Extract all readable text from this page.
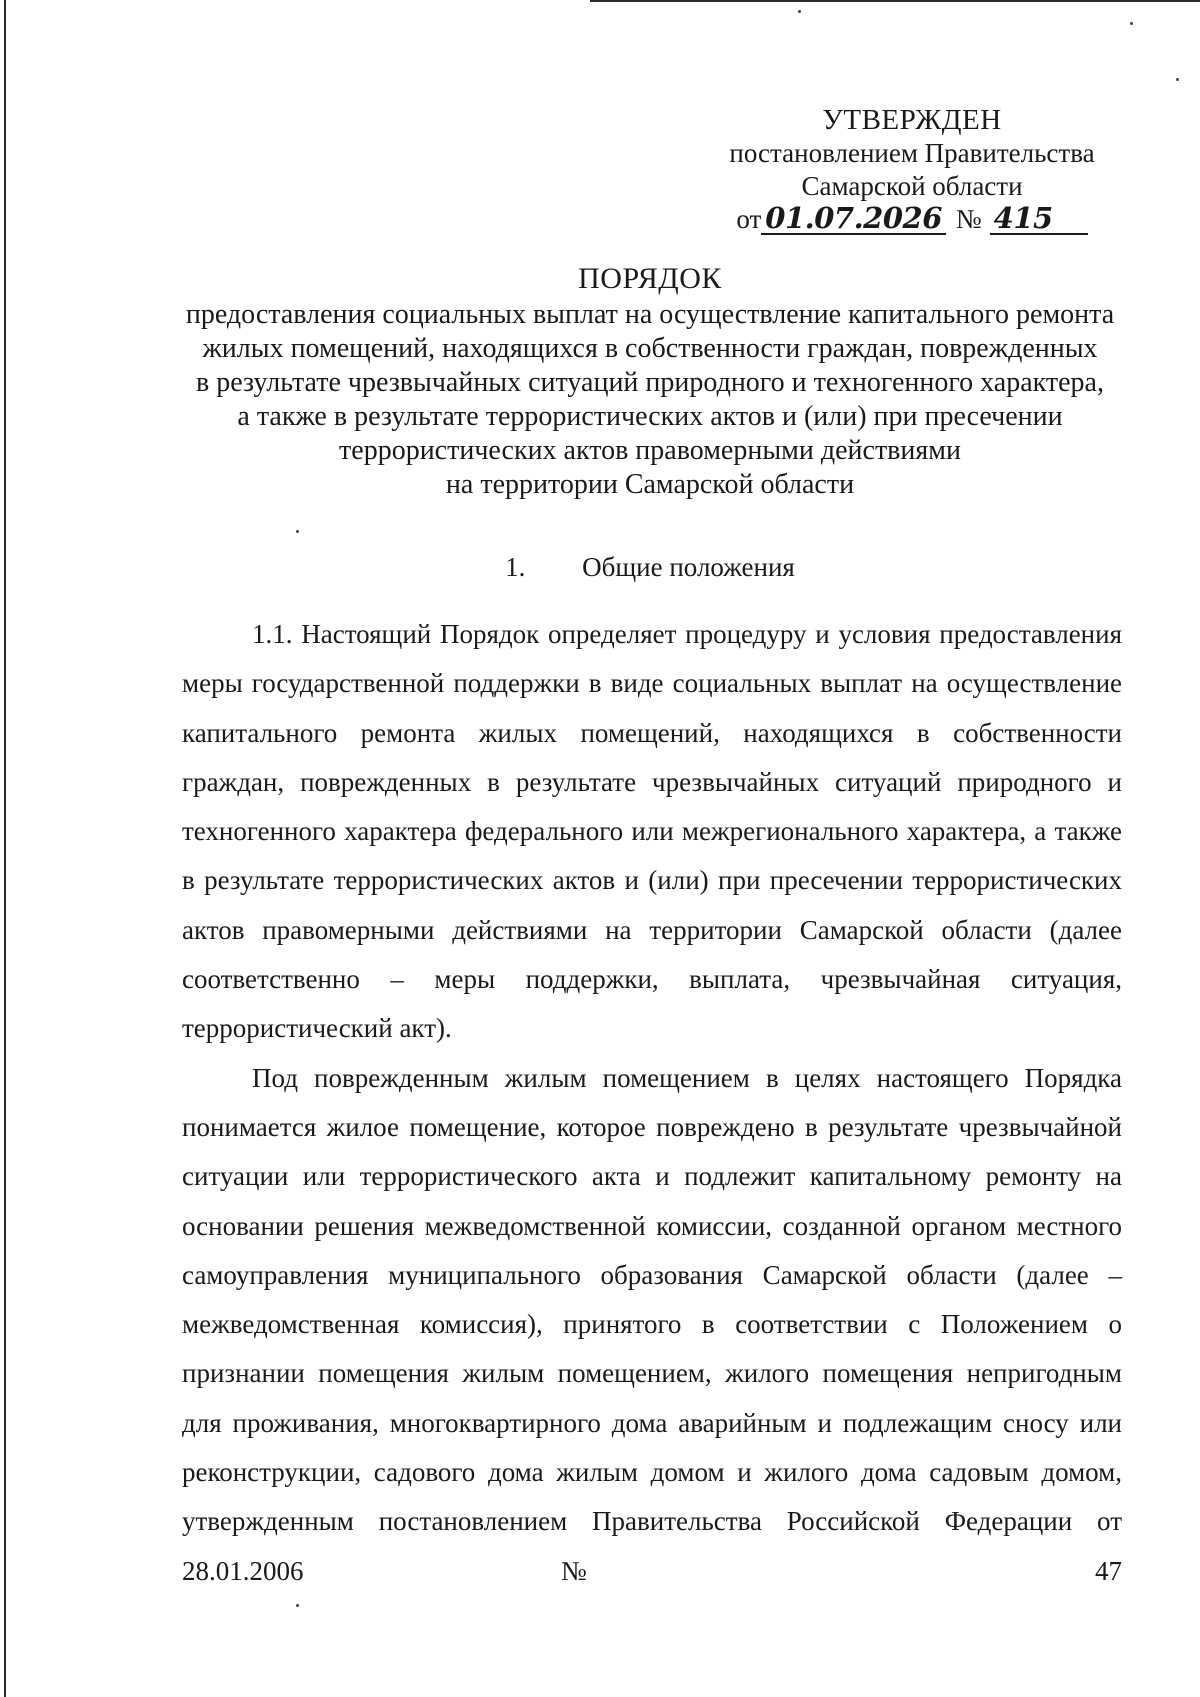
УТВЕРЖДЕН
постановлением Правительства
Самарской области
от 01.07.2026 № 415
ПОРЯДОК
предоставления социальных выплат на осуществление капитального ремонта
жилых помещений, находящихся в собственности граждан, поврежденных
в результате чрезвычайных ситуаций природного и техногенного характера,
а также в результате террористических актов и (или) при пресечении
террористических актов правомерными действиями
на территории Самарской области
1. Общие положения

1.1. Настоящий Порядок определяет процедуру и условия предоставления меры государственной поддержки в виде социальных выплат на осуществление капитального ремонта жилых помещений, находящихся в собственности граждан, поврежденных в результате чрезвычайных ситуаций природного и техногенного характера федерального или межрегионального характера, а также в результате террористических актов и (или) при пресечении террористических актов правомерными действиями на территории Самарской области (далее соответственно – меры поддержки, выплата, чрезвычайная ситуация, террористический акт).

Под поврежденным жилым помещением в целях настоящего Порядка понимается жилое помещение, которое повреждено в результате чрезвычайной ситуации или террористического акта и подлежит капитальному ремонту на основании решения межведомственной комиссии, созданной органом местного самоуправления муниципального образования Самарской области (далее – межведомственная комиссия), принятого в соответствии с Положением о признании помещения жилым помещением, жилого помещения непригодным для проживания, многоквартирного дома аварийным и подлежащим сносу или реконструкции, садового дома жилым домом и жилого дома садовым домом, утвержденным постановлением Правительства Российской Федерации от 28.01.2006 № 47
